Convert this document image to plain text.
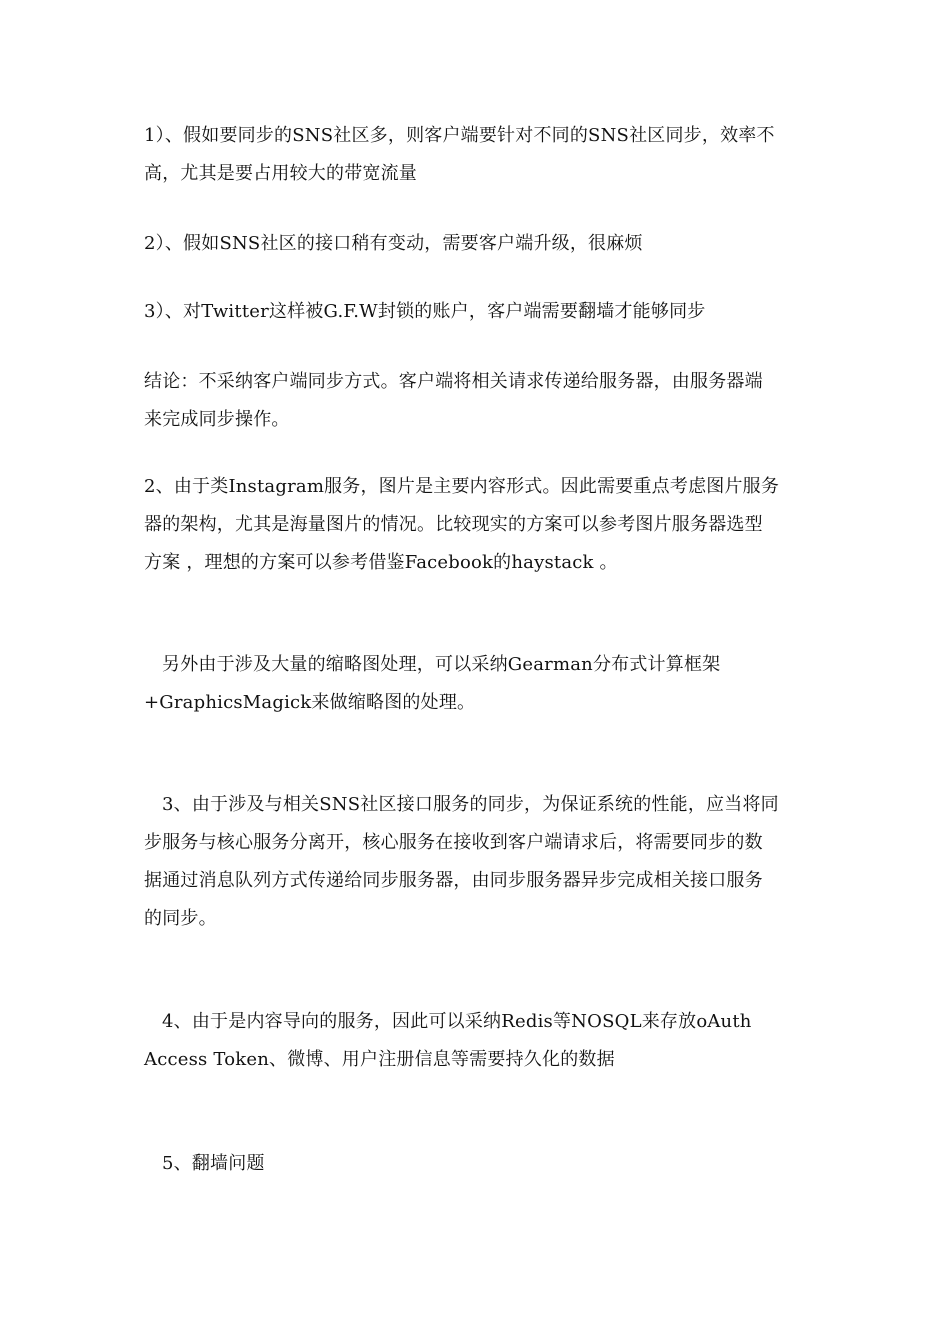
1）、假如要同步的SNS社区多，则客户端要针对不同的SNS社区同步，效率不
高，尤其是要占用较大的带宽流量

2）、假如SNS社区的接口稍有变动，需要客户端升级，很麻烦

3）、对Twitter这样被G.F.W封锁的账户，客户端需要翻墙才能够同步

结论：不采纳客户端同步方式。客户端将相关请求传递给服务器，由服务器端
来完成同步操作。

2、由于类Instagram服务，图片是主要内容形式。因此需要重点考虑图片服务
器的架构，尤其是海量图片的情况。比较现实的方案可以参考图片服务器选型
方案 ，理想的方案可以参考借鉴Facebook的haystack 。

另外由于涉及大量的缩略图处理，可以采纳Gearman分布式计算框架
+GraphicsMagick来做缩略图的处理。

3、由于涉及与相关SNS社区接口服务的同步，为保证系统的性能，应当将同
步服务与核心服务分离开，核心服务在接收到客户端请求后，将需要同步的数
据通过消息队列方式传递给同步服务器，由同步服务器异步完成相关接口服务
的同步。

4、由于是内容导向的服务，因此可以采纳Redis等NOSQL来存放oAuth
Access Token、微博、用户注册信息等需要持久化的数据

5、翻墙问题
